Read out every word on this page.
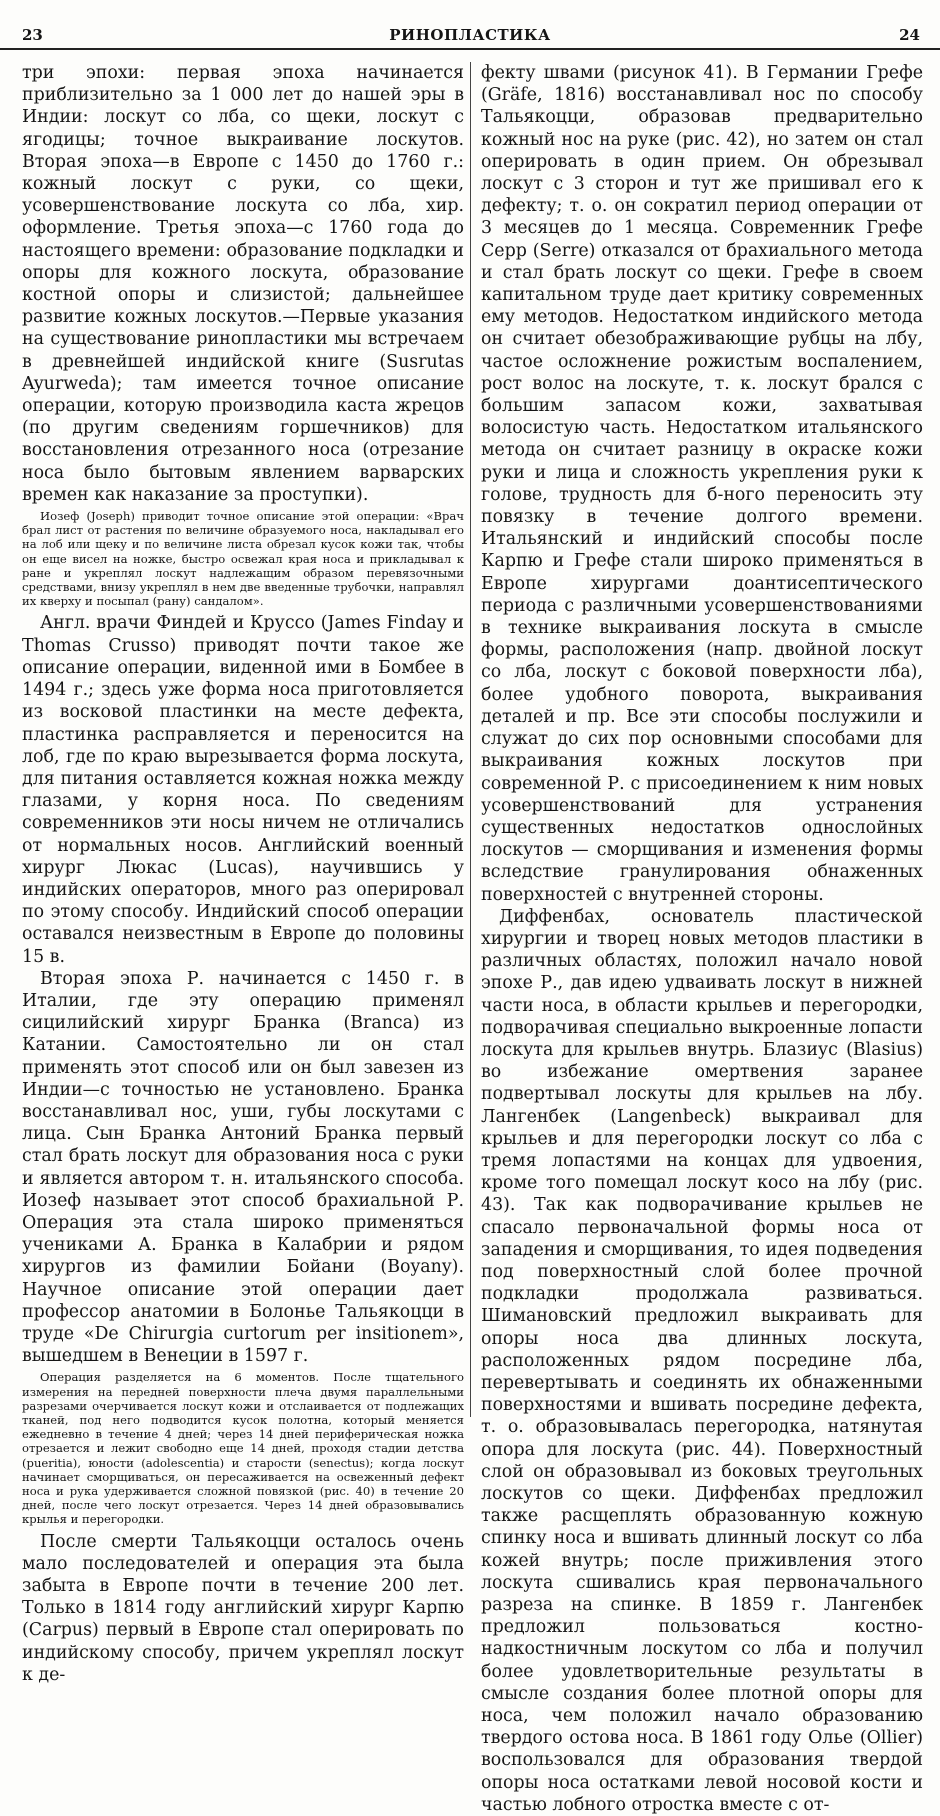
23	РИНОПЛАСТИКА	24

три эпохи: первая эпоха начинается приблизительно за 1 000 лет до нашей эры в Индии: лоскут со лба, со щеки, лоскут с ягодицы; точное выкраивание лоскутов. Вторая эпоха—в Европе с 1450 до 1760 г.: кожный лоскут с руки, со щеки, усовершенствование лоскута со лба, хир. оформление. Третья эпоха—с 1760 года до настоящего времени: образование подкладки и опоры для кожного лоскута, образование костной опоры и слизистой; дальнейшее развитие кожных лоскутов.—Первые указания на существование ринопластики мы встречаем в древнейшей индийской книге (Susrutas Ayurweda); там имеется точное описание операции, которую производила каста жрецов (по другим сведениям горшечников) для восстановления отрезанного носа (отрезание носа было бытовым явлением варварских времен как наказание за проступки).

Иозеф (Joseph) приводит точное описание этой операции: «Врач брал лист от растения по величине образуемого носа, накладывал его на лоб или щеку и по величине листа обрезал кусок кожи так, чтобы он еще висел на ножке, быстро освежал края носа и прикладывал к ране и укреплял лоскут надлежащим образом перевязочными средствами, внизу укреплял в нем две введенные трубочки, направлял их кверху и посыпал (рану) сандалом».

Англ. врачи Финдей и Круссо (James Finday и Thomas Crusso) приводят почти такое же описание операции, виденной ими в Бомбее в 1494 г.; здесь уже форма носа приготовляется из восковой пластинки на месте дефекта, пластинка расправляется и переносится на лоб, где по краю вырезывается форма лоскута, для питания оставляется кожная ножка между глазами, у корня носа. По сведениям современников эти носы ничем не отличались от нормальных носов. Английский военный хирург Люкас (Lucas), научившись у индийских операторов, много раз оперировал по этому способу. Индийский способ операции оставался неизвестным в Европе до половины 15 в.

Вторая эпоха Р. начинается с 1450 г. в Италии, где эту операцию применял сицилийский хирург Бранка (Branca) из Катании. Самостоятельно ли он стал применять этот способ или он был завезен из Индии—с точностью не установлено. Бранка восстанавливал нос, уши, губы лоскутами с лица. Сын Бранка Антоний Бранка первый стал брать лоскут для образования носа с руки и является автором т. н. итальянского способа. Иозеф называет этот способ брахиальной Р. Операция эта стала широко применяться учениками А. Бранка в Калабрии и рядом хирургов из фамилии Бойани (Boyany). Научное описание этой операции дает профессор анатомии в Болонье Тальякоцци в труде «De Chirurgia curtorum per insitionem», вышедшем в Венеции в 1597 г.

Операция разделяется на 6 моментов. После тщательного измерения на передней поверхности плеча двумя параллельными разрезами очерчивается лоскут кожи и отслаивается от подлежащих тканей, под него подводится кусок полотна, который меняется ежедневно в течение 4 дней; через 14 дней периферическая ножка отрезается и лежит свободно еще 14 дней, проходя стадии детства (pueritia), юности (adolescentia) и старости (senectus); когда лоскут начинает сморщиваться, он пересаживается на освеженный дефект носа и рука удерживается сложной повязкой (рис. 40) в течение 20 дней, после чего лоскут отрезается. Через 14 дней образовывались крылья и перегородки.

После смерти Тальякоцци осталось очень мало последователей и операция эта была забыта в Европе почти в течение 200 лет. Только в 1814 году английский хирург Карпю (Carpus) первый в Европе стал оперировать по индийскому способу, причем укреплял лоскут к де-

фекту швами (рисунок 41). В Германии Грефе (Gräfe, 1816) восстанавливал нос по способу Тальякоцци, образовав предварительно кожный нос на руке (рис. 42), но затем он стал оперировать в один прием. Он обрезывал лоскут с 3 сторон и тут же пришивал его к дефекту; т. о. он сократил период операции от 3 месяцев до 1 месяца. Современник Грефе Серр (Serre) отказался от брахиального метода и стал брать лоскут со щеки. Грефе в своем капитальном труде дает критику современных ему методов. Недостатком индийского метода он считает обезображивающие рубцы на лбу, частое осложнение рожистым воспалением, рост волос на лоскуте, т. к. лоскут брался с большим запасом кожи, захватывая волосистую часть. Недостатком итальянского метода он считает разницу в окраске кожи руки и лица и сложность укрепления руки к голове, трудность для б-ного переносить эту повязку в течение долгого времени. Итальянский и индийский способы после Карпю и Грефе стали широко применяться в Европе хирургами доантисептического периода с различными усовершенствованиями в технике выкраивания лоскута в смысле формы, расположения (напр. двойной лоскут со лба, лоскут с боковой поверхности лба), более удобного поворота, выкраивания деталей и пр. Все эти способы послужили и служат до сих пор основными способами для выкраивания кожных лоскутов при современной Р. с присоединением к ним новых усовершенствований для устранения существенных недостатков однослойных лоскутов — сморщивания и изменения формы вследствие гранулирования обнаженных поверхностей с внутренней стороны.

Диффенбах, основатель пластической хирургии и творец новых методов пластики в различных областях, положил начало новой эпохе Р., дав идею удваивать лоскут в нижней части носа, в области крыльев и перегородки, подворачивая специально выкроенные лопасти лоскута для крыльев внутрь. Блазиус (Blasius) во избежание омертвения заранее подвертывал лоскуты для крыльев на лбу. Лангенбек (Langenbeck) выкраивал для крыльев и для перегородки лоскут со лба с тремя лопастями на концах для удвоения, кроме того помещал лоскут косо на лбу (рис. 43). Так как подворачивание крыльев не спасало первоначальной формы носа от западения и сморщивания, то идея подведения под поверхностный слой более прочной подкладки продолжала развиваться. Шимановский предложил выкраивать для опоры носа два длинных лоскута, расположенных рядом посредине лба, перевертывать и соединять их обнаженными поверхностями и вшивать посредине дефекта, т. о. образовывалась перегородка, натянутая опора для лоскута (рис. 44). Поверхностный слой он образовывал из боковых треугольных лоскутов со щеки. Диффенбах предложил также расщеплять образованную кожную спинку носа и вшивать длинный лоскут со лба кожей внутрь; после приживления этого лоскута сшивались края первоначального разреза на спинке. В 1859 г. Лангенбек предложил пользоваться костно-надкостничным лоскутом со лба и получил более удовлетворительные результаты в смысле создания более плотной опоры для носа, чем положил начало образованию твердого остова носа. В 1861 году Олье (Ollier) воспользовался для образования твердой опоры носа остатками левой носовой кости и частью лобного отростка вместе с от-
